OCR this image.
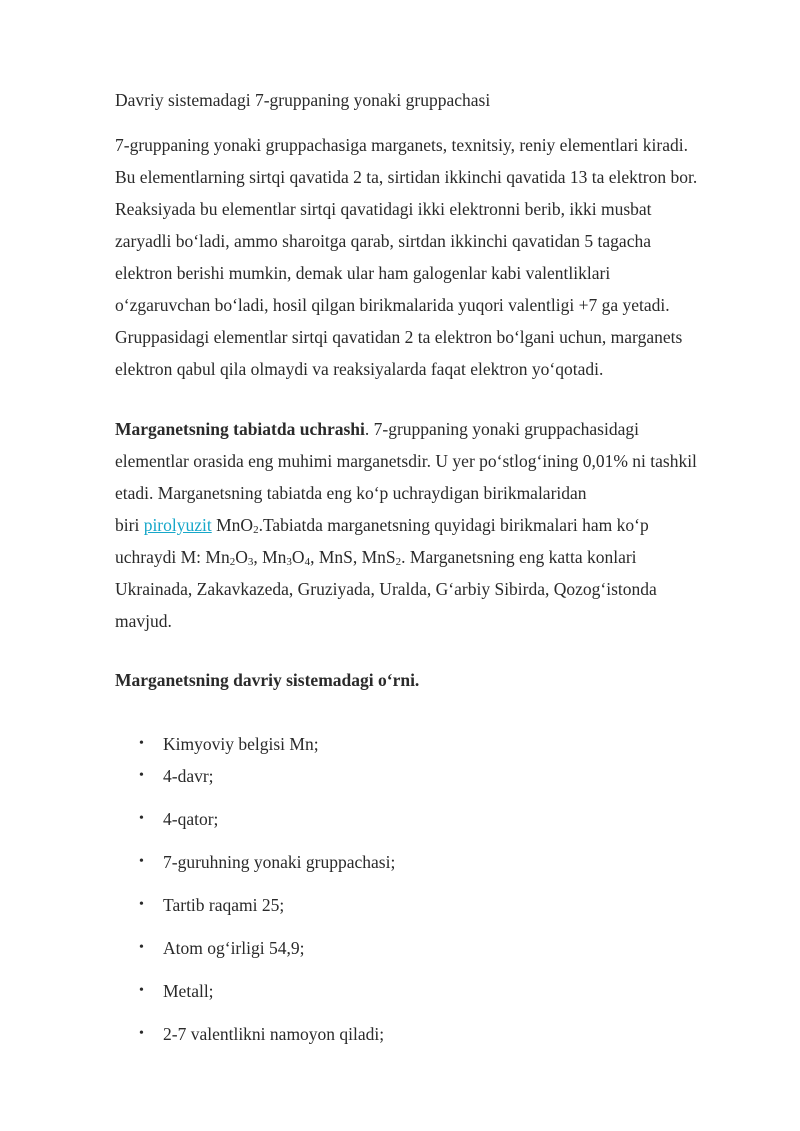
Davriy sistemadagi 7-gruppaning yonaki gruppachasi

7-gruppaning yonaki gruppachasiga marganets, texnitsiy, reniy elementlari kiradi.
Bu elementlarning sirtqi qavatida 2 ta, sirtidan ikkinchi qavatida 13 ta elektron bor.
Reaksiyada bu elementlar sirtqi qavatidagi ikki elektronni berib, ikki musbat
zaryadli bo‘ladi, ammo sharoitga qarab, sirtdan ikkinchi qavatidan 5 tagacha
elektron berishi mumkin, demak ular ham galogenlar kabi valentliklari
o‘zgaruvchan bo‘ladi, hosil qilgan birikmalarida yuqori valentligi +7 ga yetadi.
Gruppasidagi elementlar sirtqi qavatidan 2 ta elektron bo‘lgani uchun, marganets
elektron qabul qila olmaydi va reaksiyalarda faqat elektron yo‘qotadi.

Marganetsning tabiatda uchrashi. 7-gruppaning yonaki gruppachasidagi
elementlar orasida eng muhimi marganetsdir. U yer po‘stlog‘ining 0,01% ni tashkil
etadi. Marganetsning tabiatda eng ko‘p uchraydigan birikmalaridan
biri pirolyuzit MnO$_2$.Tabiatda marganetsning quyidagi birikmalari ham ko‘p
uchraydi M: $Mn_2O_3$, $Mn_3O_4$, MnS, MnS$_2$. Marganetsning eng katta konlari
Ukrainada, Zakavkazeda, Gruziyada, Uralda, G‘arbiy Sibirda, Qozog‘istonda
mavjud.

Marganetsning davriy sistemadagi o‘rni.

• Kimyoviy belgisi Mn;
• 4-davr;
• 4-qator;
• 7-guruhning yonaki gruppachasi;
• Tartib raqami 25;
• Atom og‘irligi 54,9;
• Metall;
• 2-7 valentlikni namoyon qiladi;
